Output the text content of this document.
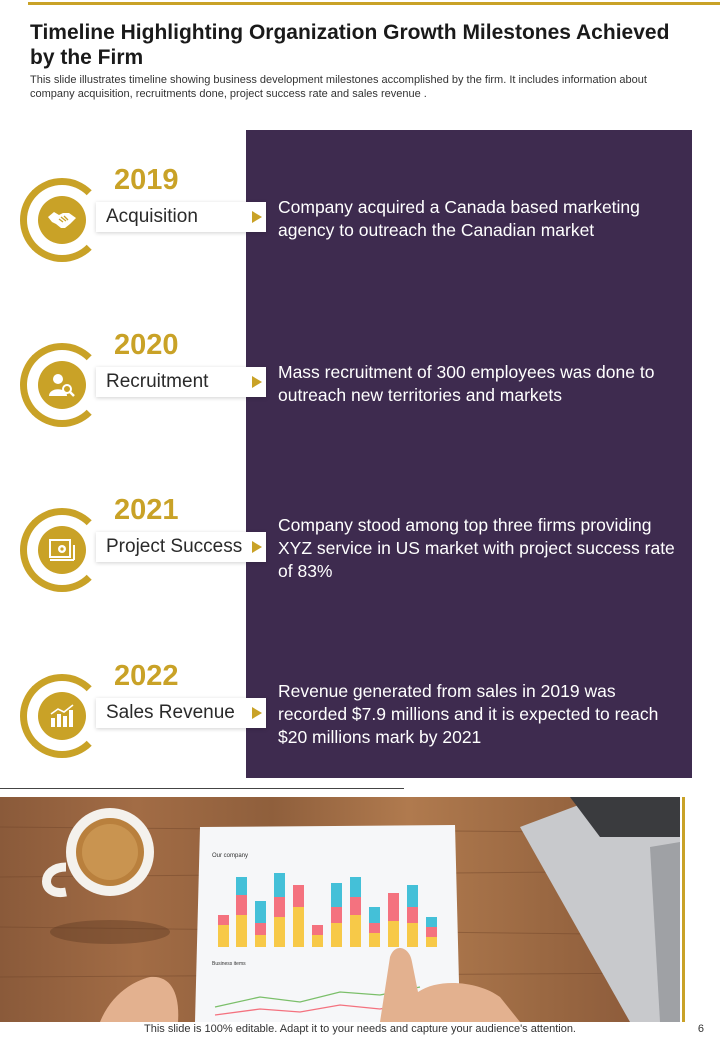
Timeline Highlighting Organization Growth Milestones Achieved by the Firm
This slide illustrates timeline showing business development milestones accomplished by the firm. It includes information about company acquisition, recruitments done, project success rate and sales revenue .
2019
Acquisition	Company acquired a Canada based marketing agency to outreach the Canadian market
2020
Recruitment	Mass recruitment of 300 employees was done to outreach new territories and markets
2021
Project Success
Company stood among top three firms providing XYZ service in US market with project success rate of 83%
2022
Sales Revenue
Revenue generated from sales in 2019 was recorded $7.9 millions and it is expected to reach $20 millions mark by 2021
Our company
Business items
This slide is 100% editable. Adapt it to your needs and capture your audience's attention.	6
